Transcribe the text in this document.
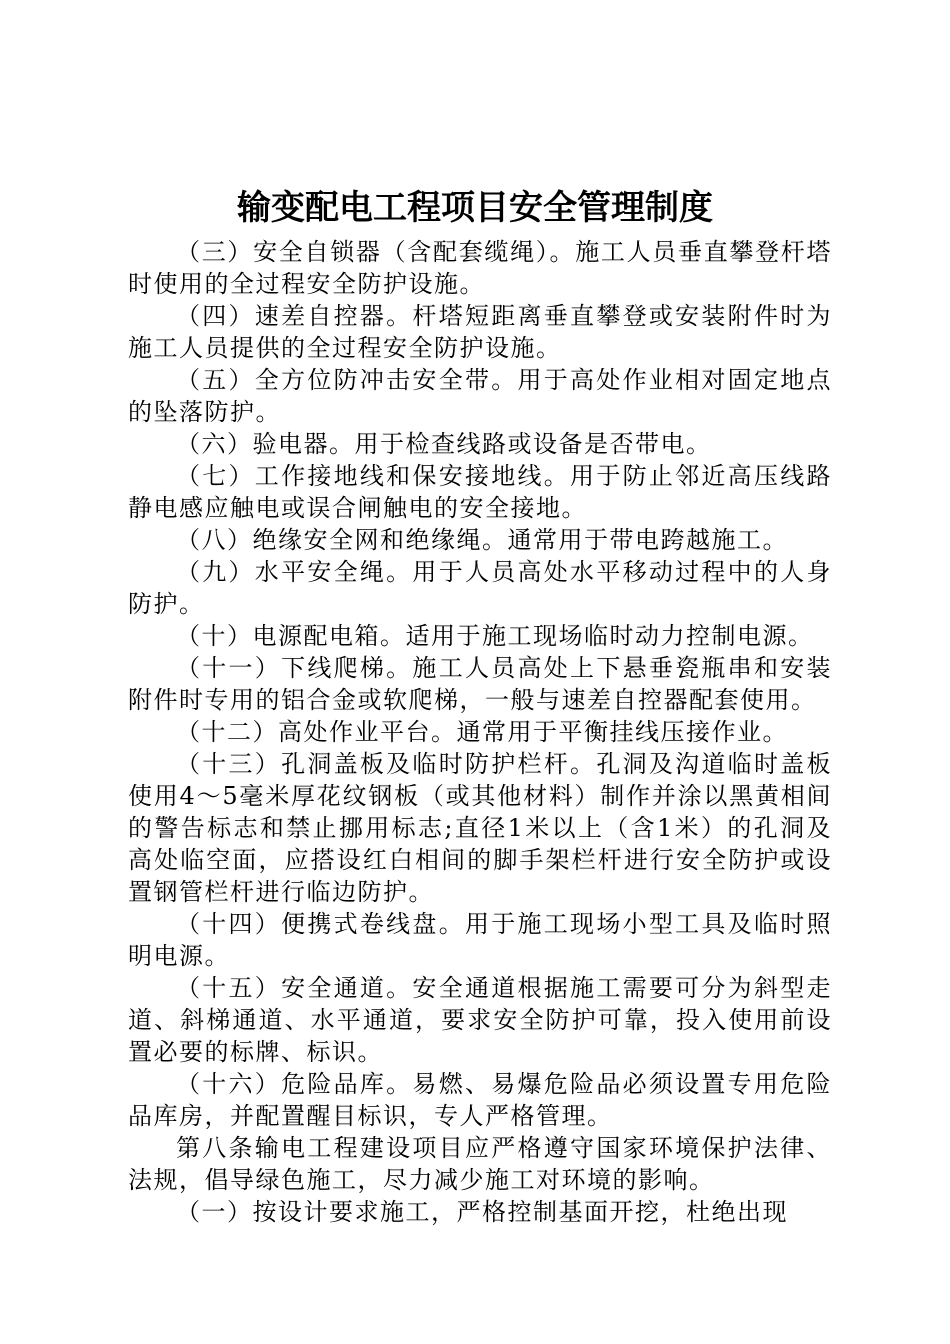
输变配电工程项目安全管理制度

（三）安全自锁器（含配套缆绳）。施工人员垂直攀登杆塔时使用的全过程安全防护设施。

（四）速差自控器。杆塔短距离垂直攀登或安装附件时为施工人员提供的全过程安全防护设施。

（五）全方位防冲击安全带。用于高处作业相对固定地点的坠落防护。

（六）验电器。用于检查线路或设备是否带电。

（七）工作接地线和保安接地线。用于防止邻近高压线路静电感应触电或误合闸触电的安全接地。

（八）绝缘安全网和绝缘绳。通常用于带电跨越施工。

（九）水平安全绳。用于人员高处水平移动过程中的人身防护。

（十）电源配电箱。适用于施工现场临时动力控制电源。

（十一）下线爬梯。施工人员高处上下悬垂瓷瓶串和安装附件时专用的铝合金或软爬梯，一般与速差自控器配套使用。

（十二）高处作业平台。通常用于平衡挂线压接作业。

（十三）孔洞盖板及临时防护栏杆。孔洞及沟道临时盖板使用4～5毫米厚花纹钢板（或其他材料）制作并涂以黑黄相间的警告标志和禁止挪用标志;直径1米以上（含1米）的孔洞及高处临空面，应搭设红白相间的脚手架栏杆进行安全防护或设置钢管栏杆进行临边防护。

（十四）便携式卷线盘。用于施工现场小型工具及临时照明电源。

（十五）安全通道。安全通道根据施工需要可分为斜型走道、斜梯通道、水平通道，要求安全防护可靠，投入使用前设置必要的标牌、标识。

（十六）危险品库。易燃、易爆危险品必须设置专用危险品库房，并配置醒目标识，专人严格管理。

第八条输电工程建设项目应严格遵守国家环境保护法律、法规，倡导绿色施工，尽力减少施工对环境的影响。

（一）按设计要求施工，严格控制基面开挖，杜绝出现
